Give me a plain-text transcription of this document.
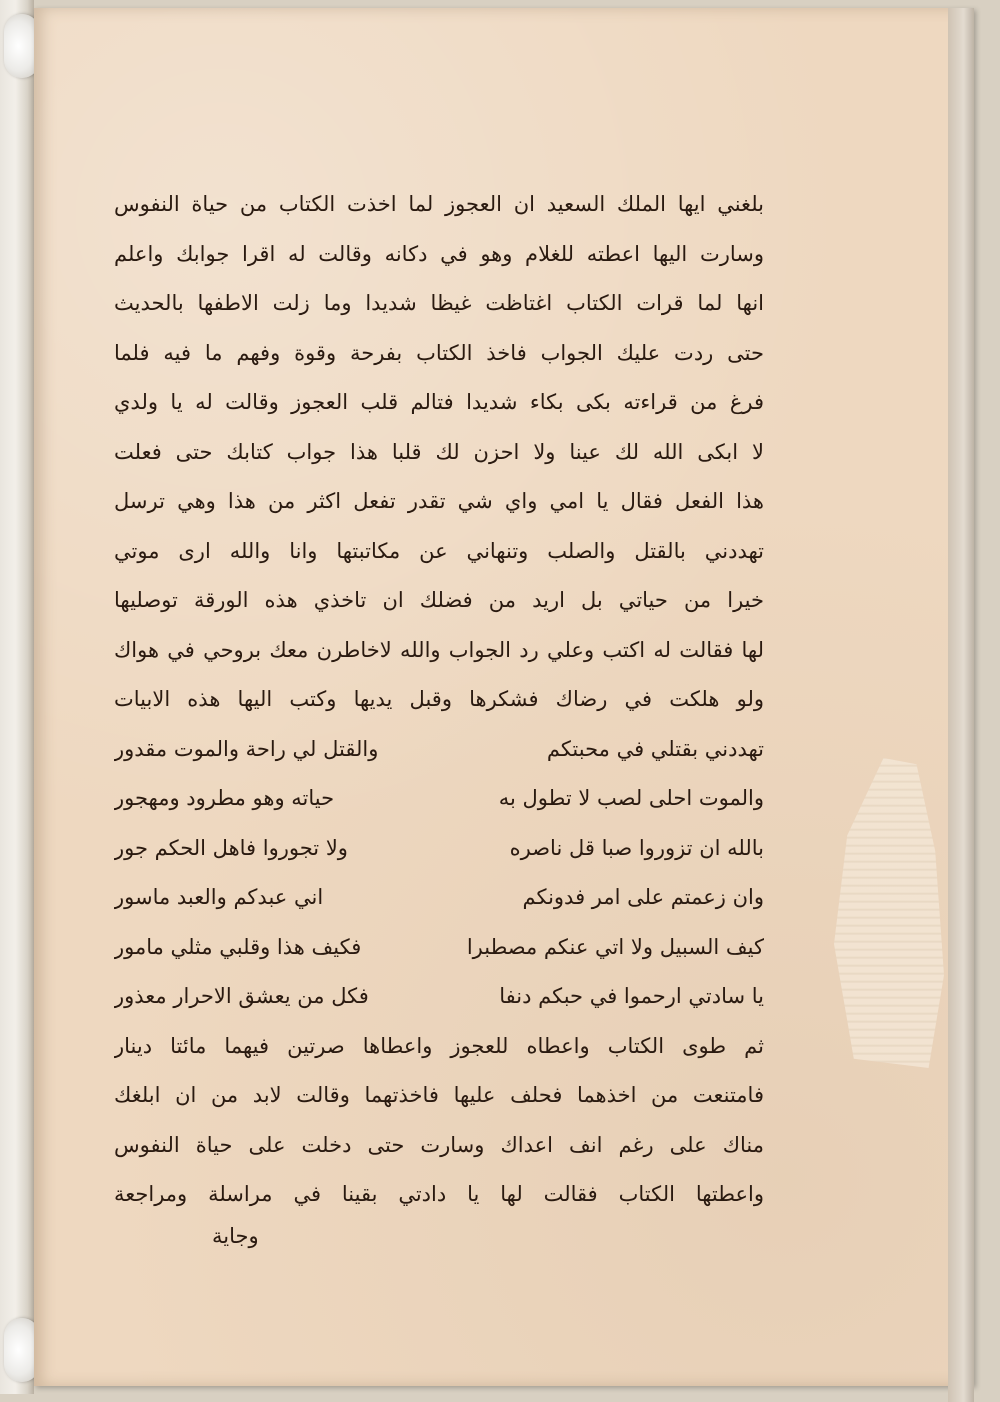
بلغني ايها الملك السعيد ان العجوز لما اخذت الكتاب من حياة النفوس
وسارت اليها اعطته للغلام وهو في دكانه وقالت له اقرا جوابك واعلم
انها لما قرات الكتاب اغتاظت غيظا شديدا وما زلت الاطفها بالحديث
حتى ردت عليك الجواب فاخذ الكتاب بفرحة وقوة وفهم ما فيه فلما
فرغ من قراءته بكى بكاء شديدا فتالم قلب العجوز وقالت له يا ولدي
لا ابكى الله لك عينا ولا احزن لك قلبا هذا جواب كتابك حتى فعلت
هذا الفعل فقال يا امي واي شي تقدر تفعل اكثر من هذا وهي ترسل
تهددني بالقتل والصلب وتنهاني عن مكاتبتها وانا والله ارى موتي
خيرا من حياتي بل اريد من فضلك ان تاخذي هذه الورقة توصليها
لها فقالت له اكتب وعلي رد الجواب والله لاخاطرن معك بروحي في هواك
ولو هلكت في رضاك فشكرها وقبل يديها وكتب اليها هذه الابيات
تهددني بقتلي في محبتكم
والقتل لي راحة والموت مقدور
والموت احلى لصب لا تطول به
حياته وهو مطرود ومهجور
بالله ان تزوروا صبا قل ناصره
ولا تجوروا فاهل الحكم جور
وان زعمتم على امر فدونكم
اني عبدكم والعبد ماسور
كيف السبيل ولا اتي عنكم مصطبرا
فكيف هذا وقلبي مثلي مامور
يا سادتي ارحموا في حبكم دنفا
فكل من يعشق الاحرار معذور
ثم طوى الكتاب واعطاه للعجوز واعطاها صرتين فيهما مائتا دينار
فامتنعت من اخذهما فحلف عليها فاخذتهما وقالت لابد من ان ابلغك
مناك على رغم انف اعداك وسارت حتى دخلت على حياة النفوس
واعطتها الكتاب فقالت لها يا دادتي بقينا في مراسلة ومراجعة
وجاية
